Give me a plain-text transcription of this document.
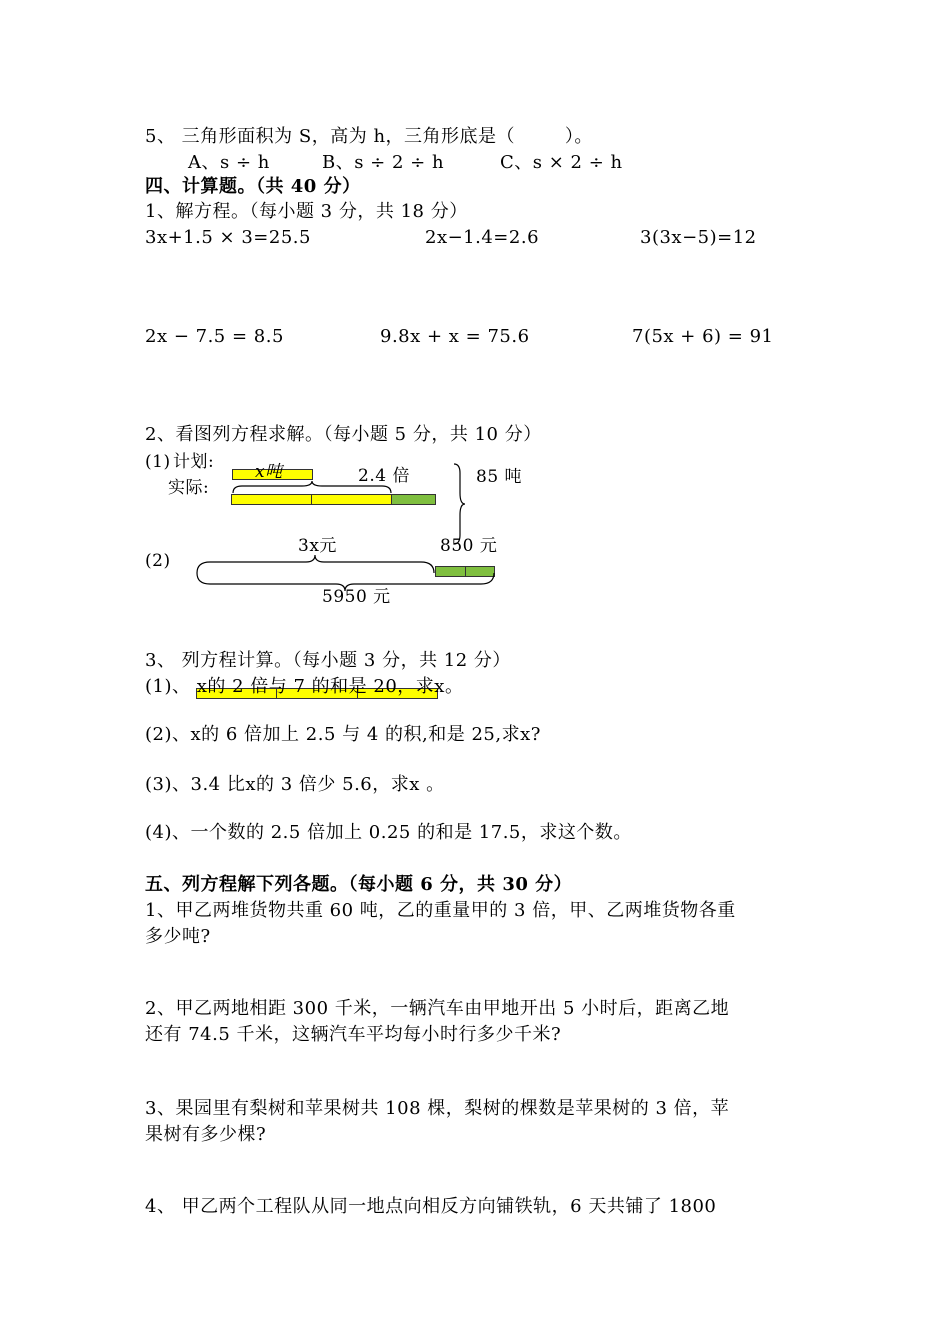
5、 三角形面积为 S，高为 h，三角形底是（        ）。
A、s ÷ h	B、s ÷ 2 ÷ h	C、s × 2 ÷ h
四、计算题。（共 40 分）
1、解方程。（每小题 3 分，共 18 分）
3x+1.5 × 3=25.5	2x−1.4=2.6	3(3x−5)=12
2x − 7.5 = 8.5	9.8x + x = 75.6	7(5x + 6) = 91
2、看图列方程求解。（每小题 5 分，共 10 分）
(1) 计划:
实际:
x吨	2.4 倍	85 吨
(2)
3x元	850 元
5950 元
3、 列方程计算。（每小题 3 分，共 12 分）
(1)、 x的 2 倍与 7 的和是 20，求x。
(2)、x的 6 倍加上 2.5 与 4 的积,和是 25,求x?
(3)、3.4 比x的 3 倍少 5.6，求x 。
(4)、一个数的 2.5 倍加上 0.25 的和是 17.5，求这个数。
五、列方程解下列各题。（每小题 6 分，共 30 分）
1、甲乙两堆货物共重 60 吨，乙的重量甲的 3 倍，甲、乙两堆货物各重
多少吨?
2、甲乙两地相距 300 千米，一辆汽车由甲地开出 5 小时后，距离乙地
还有 74.5 千米，这辆汽车平均每小时行多少千米?
3、果园里有梨树和苹果树共 108 棵，梨树的棵数是苹果树的 3 倍，苹
果树有多少棵?
4、 甲乙两个工程队从同一地点向相反方向铺铁轨，6 天共铺了 1800
